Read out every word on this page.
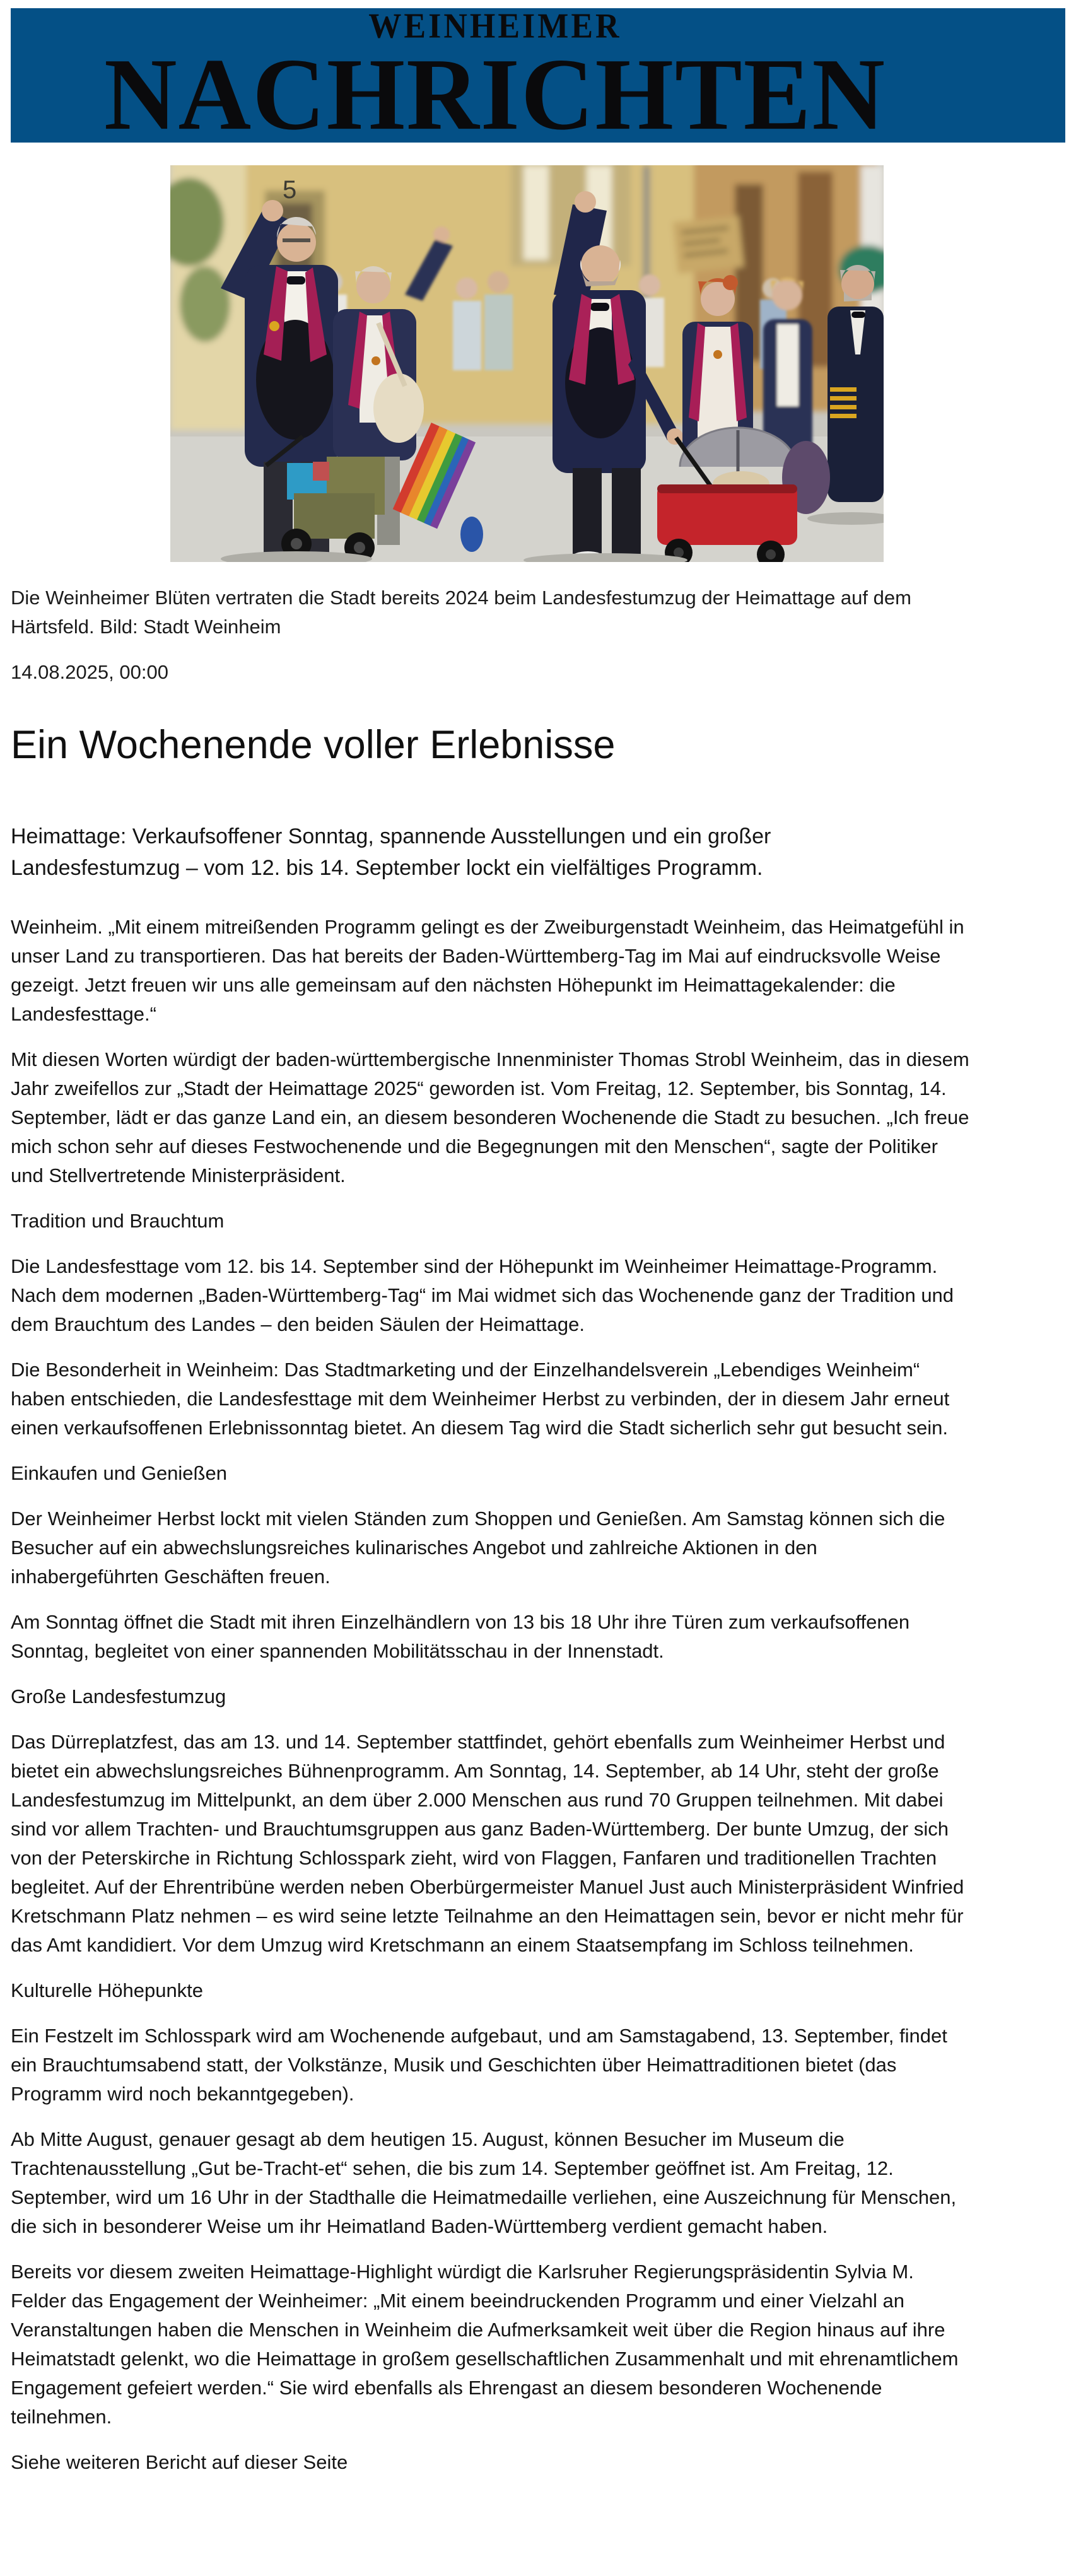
WEINHEIMER
NACHRICHTEN
5

Die Weinheimer Blüten vertraten die Stadt bereits 2024 beim Landesfestumzug der Heimattage auf dem Härtsfeld. Bild: Stadt Weinheim

14.08.2025, 00:00

Ein Wochenende voller Erlebnisse

Heimattage: Verkaufsoffener Sonntag, spannende Ausstellungen und ein großer Landesfestumzug – vom 12. bis 14. September lockt ein vielfältiges Programm.

Weinheim. „Mit einem mitreißenden Programm gelingt es der Zweiburgenstadt Weinheim, das Heimatgefühl in unser Land zu transportieren. Das hat bereits der Baden-Württemberg-Tag im Mai auf eindrucksvolle Weise gezeigt. Jetzt freuen wir uns alle gemeinsam auf den nächsten Höhepunkt im Heimattagekalender: die Landesfesttage.“

Mit diesen Worten würdigt der baden-württembergische Innenminister Thomas Strobl Weinheim, das in diesem Jahr zweifellos zur „Stadt der Heimattage 2025“ geworden ist. Vom Freitag, 12. September, bis Sonntag, 14. September, lädt er das ganze Land ein, an diesem besonderen Wochenende die Stadt zu besuchen. „Ich freue mich schon sehr auf dieses Festwochenende und die Begegnungen mit den Menschen“, sagte der Politiker und Stellvertretende Ministerpräsident.

Tradition und Brauchtum

Die Landesfesttage vom 12. bis 14. September sind der Höhepunkt im Weinheimer Heimattage-Programm. Nach dem modernen „Baden-Württemberg-Tag“ im Mai widmet sich das Wochenende ganz der Tradition und dem Brauchtum des Landes – den beiden Säulen der Heimattage.

Die Besonderheit in Weinheim: Das Stadtmarketing und der Einzelhandelsverein „Lebendiges Weinheim“ haben entschieden, die Landesfesttage mit dem Weinheimer Herbst zu verbinden, der in diesem Jahr erneut einen verkaufsoffenen Erlebnissonntag bietet. An diesem Tag wird die Stadt sicherlich sehr gut besucht sein.

Einkaufen und Genießen

Der Weinheimer Herbst lockt mit vielen Ständen zum Shoppen und Genießen. Am Samstag können sich die Besucher auf ein abwechslungsreiches kulinarisches Angebot und zahlreiche Aktionen in den inhabergeführten Geschäften freuen.

Am Sonntag öffnet die Stadt mit ihren Einzelhändlern von 13 bis 18 Uhr ihre Türen zum verkaufsoffenen Sonntag, begleitet von einer spannenden Mobilitätsschau in der Innenstadt.

Große Landesfestumzug

Das Dürreplatzfest, das am 13. und 14. September stattfindet, gehört ebenfalls zum Weinheimer Herbst und bietet ein abwechslungsreiches Bühnenprogramm. Am Sonntag, 14. September, ab 14 Uhr, steht der große Landesfestumzug im Mittelpunkt, an dem über 2.000 Menschen aus rund 70 Gruppen teilnehmen. Mit dabei sind vor allem Trachten- und Brauchtumsgruppen aus ganz Baden-Württemberg. Der bunte Umzug, der sich von der Peterskirche in Richtung Schlosspark zieht, wird von Flaggen, Fanfaren und traditionellen Trachten begleitet. Auf der Ehrentribüne werden neben Oberbürgermeister Manuel Just auch Ministerpräsident Winfried Kretschmann Platz nehmen – es wird seine letzte Teilnahme an den Heimattagen sein, bevor er nicht mehr für das Amt kandidiert. Vor dem Umzug wird Kretschmann an einem Staatsempfang im Schloss teilnehmen.

Kulturelle Höhepunkte

Ein Festzelt im Schlosspark wird am Wochenende aufgebaut, und am Samstagabend, 13. September, findet ein Brauchtumsabend statt, der Volkstänze, Musik und Geschichten über Heimattraditionen bietet (das Programm wird noch bekanntgegeben).

Ab Mitte August, genauer gesagt ab dem heutigen 15. August, können Besucher im Museum die Trachtenausstellung „Gut be-Tracht-et“ sehen, die bis zum 14. September geöffnet ist. Am Freitag, 12. September, wird um 16 Uhr in der Stadthalle die Heimatmedaille verliehen, eine Auszeichnung für Menschen, die sich in besonderer Weise um ihr Heimatland Baden-Württemberg verdient gemacht haben.

Bereits vor diesem zweiten Heimattage-Highlight würdigt die Karlsruher Regierungspräsidentin Sylvia M. Felder das Engagement der Weinheimer: „Mit einem beeindruckenden Programm und einer Vielzahl an Veranstaltungen haben die Menschen in Weinheim die Aufmerksamkeit weit über die Region hinaus auf ihre Heimatstadt gelenkt, wo die Heimattage in großem gesellschaftlichen Zusammenhalt und mit ehrenamtlichem Engagement gefeiert werden.“ Sie wird ebenfalls als Ehrengast an diesem besonderen Wochenende teilnehmen.

Siehe weiteren Bericht auf dieser Seite
